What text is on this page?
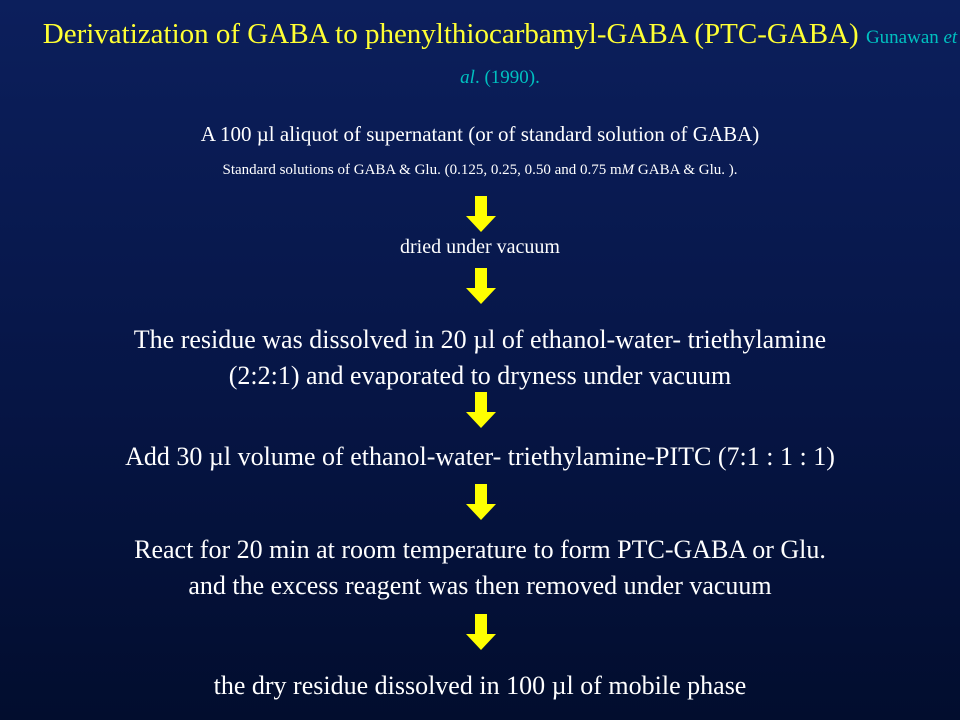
Derivatization of GABA to phenylthiocarbamyl-GABA (PTC-GABA) Gunawan et al. (1990).
A 100 µl aliquot of supernatant (or of standard solution of GABA)
Standard solutions of GABA & Glu. (0.125, 0.25, 0.50 and 0.75 mM GABA & Glu. ).
dried under vacuum
The residue was dissolved in 20 µl of ethanol-water- triethylamine
(2:2:1) and evaporated to dryness under vacuum
Add 30 µl volume of ethanol-water- triethylamine-PITC (7:1 : 1 : 1)
React for 20 min at room temperature to form PTC-GABA or Glu.
and the excess reagent was then removed under vacuum
the dry residue dissolved in 100 µl of mobile phase
